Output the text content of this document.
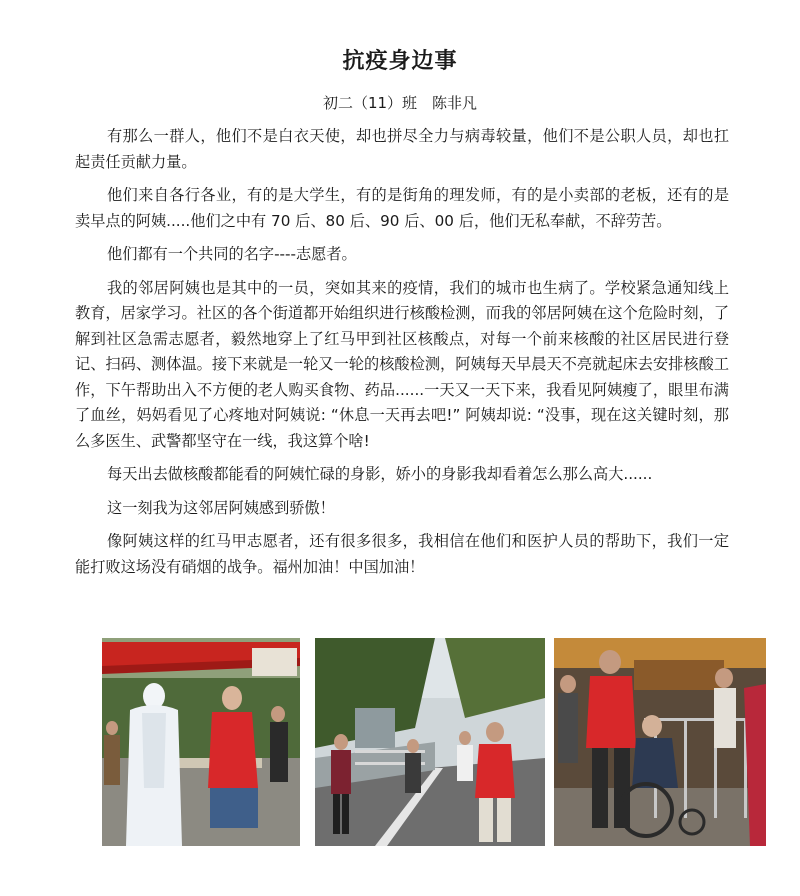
抗疫身边事
初二（11）班　陈非凡

有那么一群人，他们不是白衣天使，却也拼尽全力与病毒较量，他们不是公职人员，却也扛起责任贡献力量。

他们来自各行各业，有的是大学生，有的是街角的理发师，有的是小卖部的老板，还有的是卖早点的阿姨.....他们之中有 70 后、80 后、90 后、00 后，他们无私奉献，不辞劳苦。

他们都有一个共同的名字----志愿者。

我的邻居阿姨也是其中的一员，突如其来的疫情，我们的城市也生病了。学校紧急通知线上教育，居家学习。社区的各个街道都开始组织进行核酸检测，而我的邻居阿姨在这个危险时刻，了解到社区急需志愿者，毅然地穿上了红马甲到社区核酸点，对每一个前来核酸的社区居民进行登记、扫码、测体温。接下来就是一轮又一轮的核酸检测，阿姨每天早晨天不亮就起床去安排核酸工作，下午帮助出入不方便的老人购买食物、药品......一天又一天下来，我看见阿姨瘦了，眼里布满了血丝，妈妈看见了心疼地对阿姨说: “休息一天再去吧!” 阿姨却说: “没事，现在这关键时刻，那么多医生、武警都坚守在一线，我这算个啥!

每天出去做核酸都能看的阿姨忙碌的身影，娇小的身影我却看着怎么那么高大......

这一刻我为这邻居阿姨感到骄傲！

像阿姨这样的红马甲志愿者，还有很多很多，我相信在他们和医护人员的帮助下，我们一定能打败这场没有硝烟的战争。福州加油！中国加油！
